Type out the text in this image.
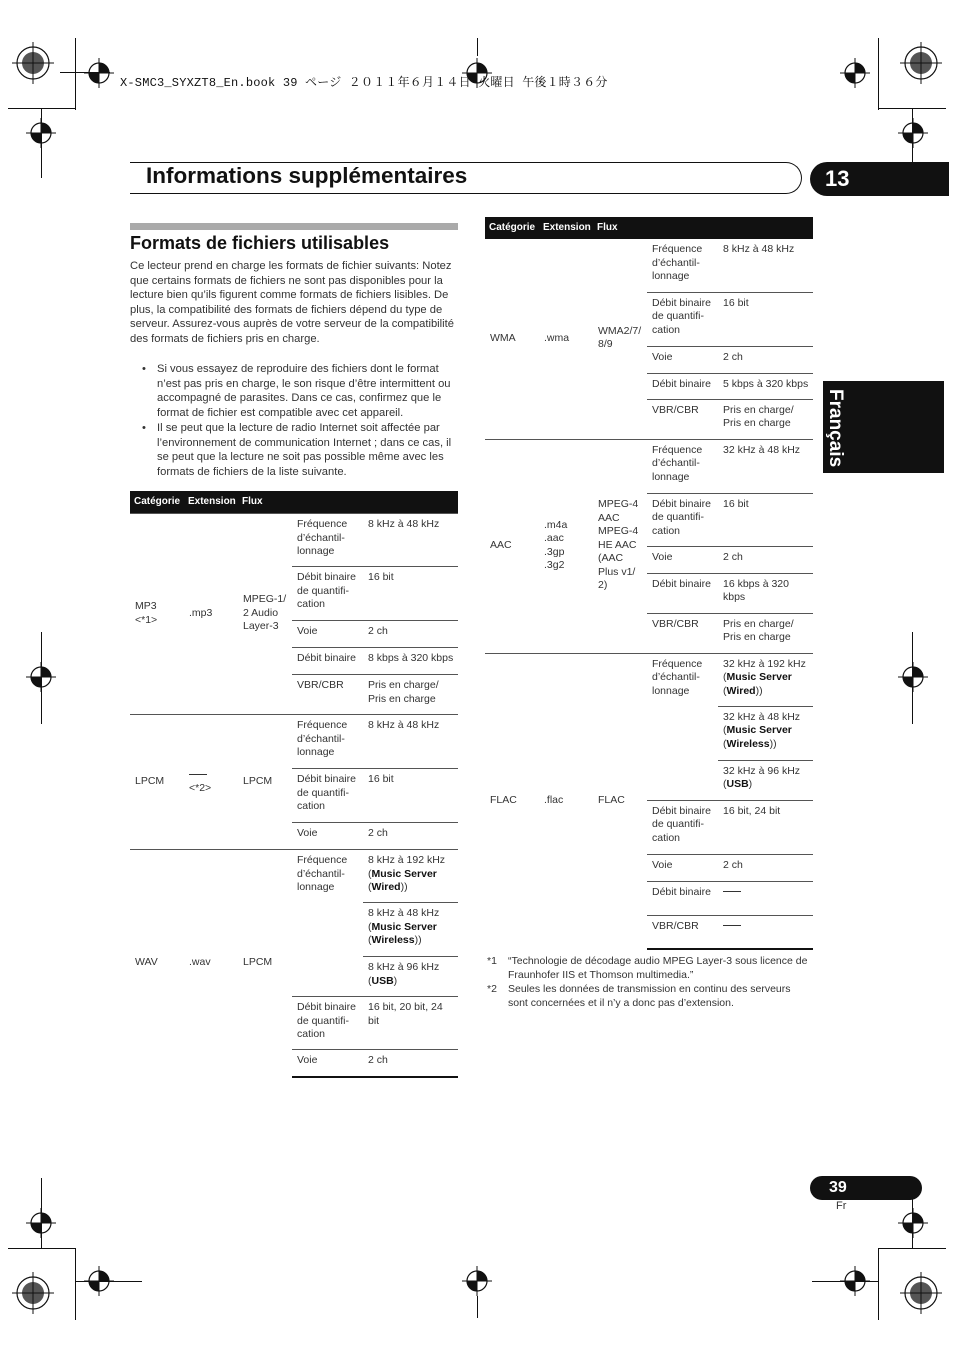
X-SMC3_SYXZT8_En.book 39 ページ ２０１１年６月１４日 火曜日 午後１時３６分
Informations supplémentaires	13
Français
Formats de fichiers utilisables
Ce lecteur prend en charge les formats de fichier suivants: Notez que certains formats de fichiers ne sont pas disponibles pour la lecture bien qu’ils figurent comme formats de fichiers lisibles. De plus, la compatibilité des formats de fichiers dépend du type de serveur. Assurez-vous auprès de votre serveur de la compatibilité des formats de fichiers pris en charge.
• Si vous essayez de reproduire des fichiers dont le format n’est pas pris en charge, le son risque d’être intermittent ou accompagné de parasites. Dans ce cas, confirmez que le format de fichier est compatible avec cet appareil.
• Il se peut que la lecture de radio Internet soit affectée par l’environnement de communication Internet ; dans ce cas, il se peut que la lecture ne soit pas possible même avec les formats de fichiers de la liste suivante.
Catégorie	Extension	Flux		
MP3 <*1>	.mp3	MPEG-1/ 2 Audio Layer-3	Fréquence d’échantil-lonnage	8 kHz à 48 kHz
			Débit binaire de quantifi-cation	16 bit
			Voie	2 ch
			Débit binaire	8 kbps à 320 kbps
			VBR/CBR	Pris en charge/ Pris en charge
LPCM	<*2>	LPCM	Fréquence d’échantil-lonnage	8 kHz à 48 kHz
			Débit binaire de quantifi-cation	16 bit
			Voie	2 ch
WAV	.wav	LPCM	Fréquence d’échantil-lonnage	8 kHz à 192 kHz
(Music Server
(Wired))
				8 kHz à 48 kHz
(Music Server
(Wireless))
				8 kHz à 96 kHz
(USB)
			Débit binaire de quantifi-cation	16 bit, 20 bit, 24 bit
			Voie	2 ch
Catégorie	Extension	Flux		
WMA	.wma	WMA2/7/ 8/9	Fréquence d’échantil-lonnage	8 kHz à 48 kHz
			Débit binaire de quantifi-cation	16 bit
			Voie	2 ch
			Débit binaire	5 kbps à 320 kbps
			VBR/CBR	Pris en charge/ Pris en charge
AAC	.m4a .aac .3gp .3g2	MPEG-4 AAC MPEG-4 HE AAC (AAC Plus v1/ 2)	Fréquence d’échantil-lonnage	32 kHz à 48 kHz
			Débit binaire de quantifi-cation	16 bit
			Voie	2 ch
			Débit binaire	16 kbps à 320 kbps
			VBR/CBR	Pris en charge/ Pris en charge
FLAC	.flac	FLAC	Fréquence d’échantil-lonnage	32 kHz à 192 kHz
(Music Server
(Wired))
				32 kHz à 48 kHz
(Music Server
(Wireless))
				32 kHz à 96 kHz
(USB)
			Débit binaire de quantifi-cation	16 bit, 24 bit
			Voie	2 ch
			Débit binaire	
			VBR/CBR	
*1	“Technologie de décodage audio MPEG Layer-3 sous licence de Fraunhofer IIS et Thomson multimedia.”
*2	Seules les données de transmission en continu des serveurs sont concernées et il n’y a donc pas d’extension.
39
Fr
